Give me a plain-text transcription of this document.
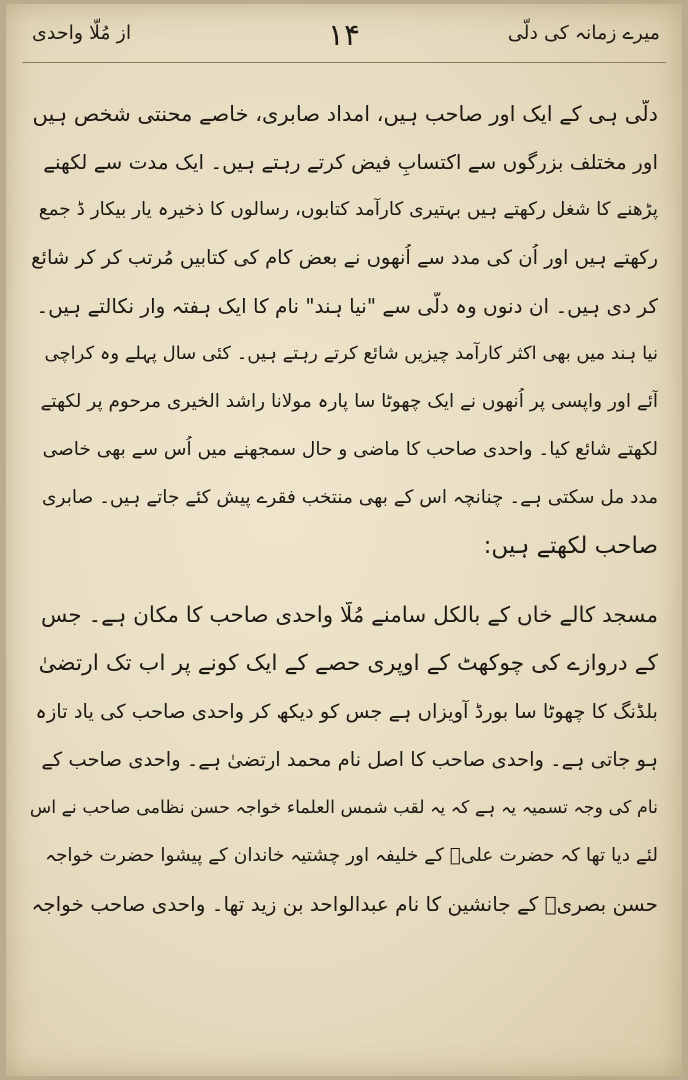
میرے زمانہ کی دلّی
۱۴
از مُلّا واحدی
دلّی ہی کے ایک اور صاحب ہیں، امداد صابری، خاصے محنتی شخص ہیں
اور مختلف بزرگوں سے اکتسابِ فیض کرتے رہتے ہیں۔ ایک مدت سے لکھنے
پڑھنے کا شغل رکھتے ہیں بہتیری کارآمد کتابوں، رسالوں کا ذخیرہ یار بیکار ڈ جمع
رکھتے ہیں اور اُن کی مدد سے اُنھوں نے بعض کام کی کتابیں مُرتب کر کر شائع
کر دی ہیں۔ ان دنوں وہ دلّی سے "نیا ہند" نام کا ایک ہفتہ وار نکالتے ہیں۔
نیا ہند میں بھی اکثر کارآمد چیزیں شائع کرتے رہتے ہیں۔ کئی سال پہلے وہ کراچی
آئے اور واپسی پر اُنھوں نے ایک چھوٹا سا پارہ مولانا راشد الخیری مرحوم پر لکھتے
لکھتے شائع کیا۔ واحدی صاحب کا ماضی و حال سمجھنے میں اُس سے بھی خاصی
مدد مل سکتی ہے۔ چنانچہ اس کے بھی منتخب فقرے پیش کئے جاتے ہیں۔ صابری
صاحب لکھتے ہیں:
مسجد کالے خاں کے بالکل سامنے مُلّا واحدی صاحب کا مکان ہے۔ جس
کے دروازے کی چوکھٹ کے اوپری حصے کے ایک کونے پر اب تک ارتضیٰ
بلڈنگ کا چھوٹا سا بورڈ آویزاں ہے جس کو دیکھ کر واحدی صاحب کی یاد تازہ
ہو جاتی ہے۔ واحدی صاحب کا اصل نام محمد ارتضیٰ ہے۔ واحدی صاحب کے
نام کی وجہ تسمیہ یہ ہے کہ یہ لقب شمس العلماء خواجہ حسن نظامی صاحب نے اس
لئے دیا تھا کہ حضرت علیؓ کے خلیفہ اور چشتیہ خاندان کے پیشوا حضرت خواجہ
حسن بصریؒ کے جانشین کا نام عبدالواحد بن زید تھا۔ واحدی صاحب خواجہ
